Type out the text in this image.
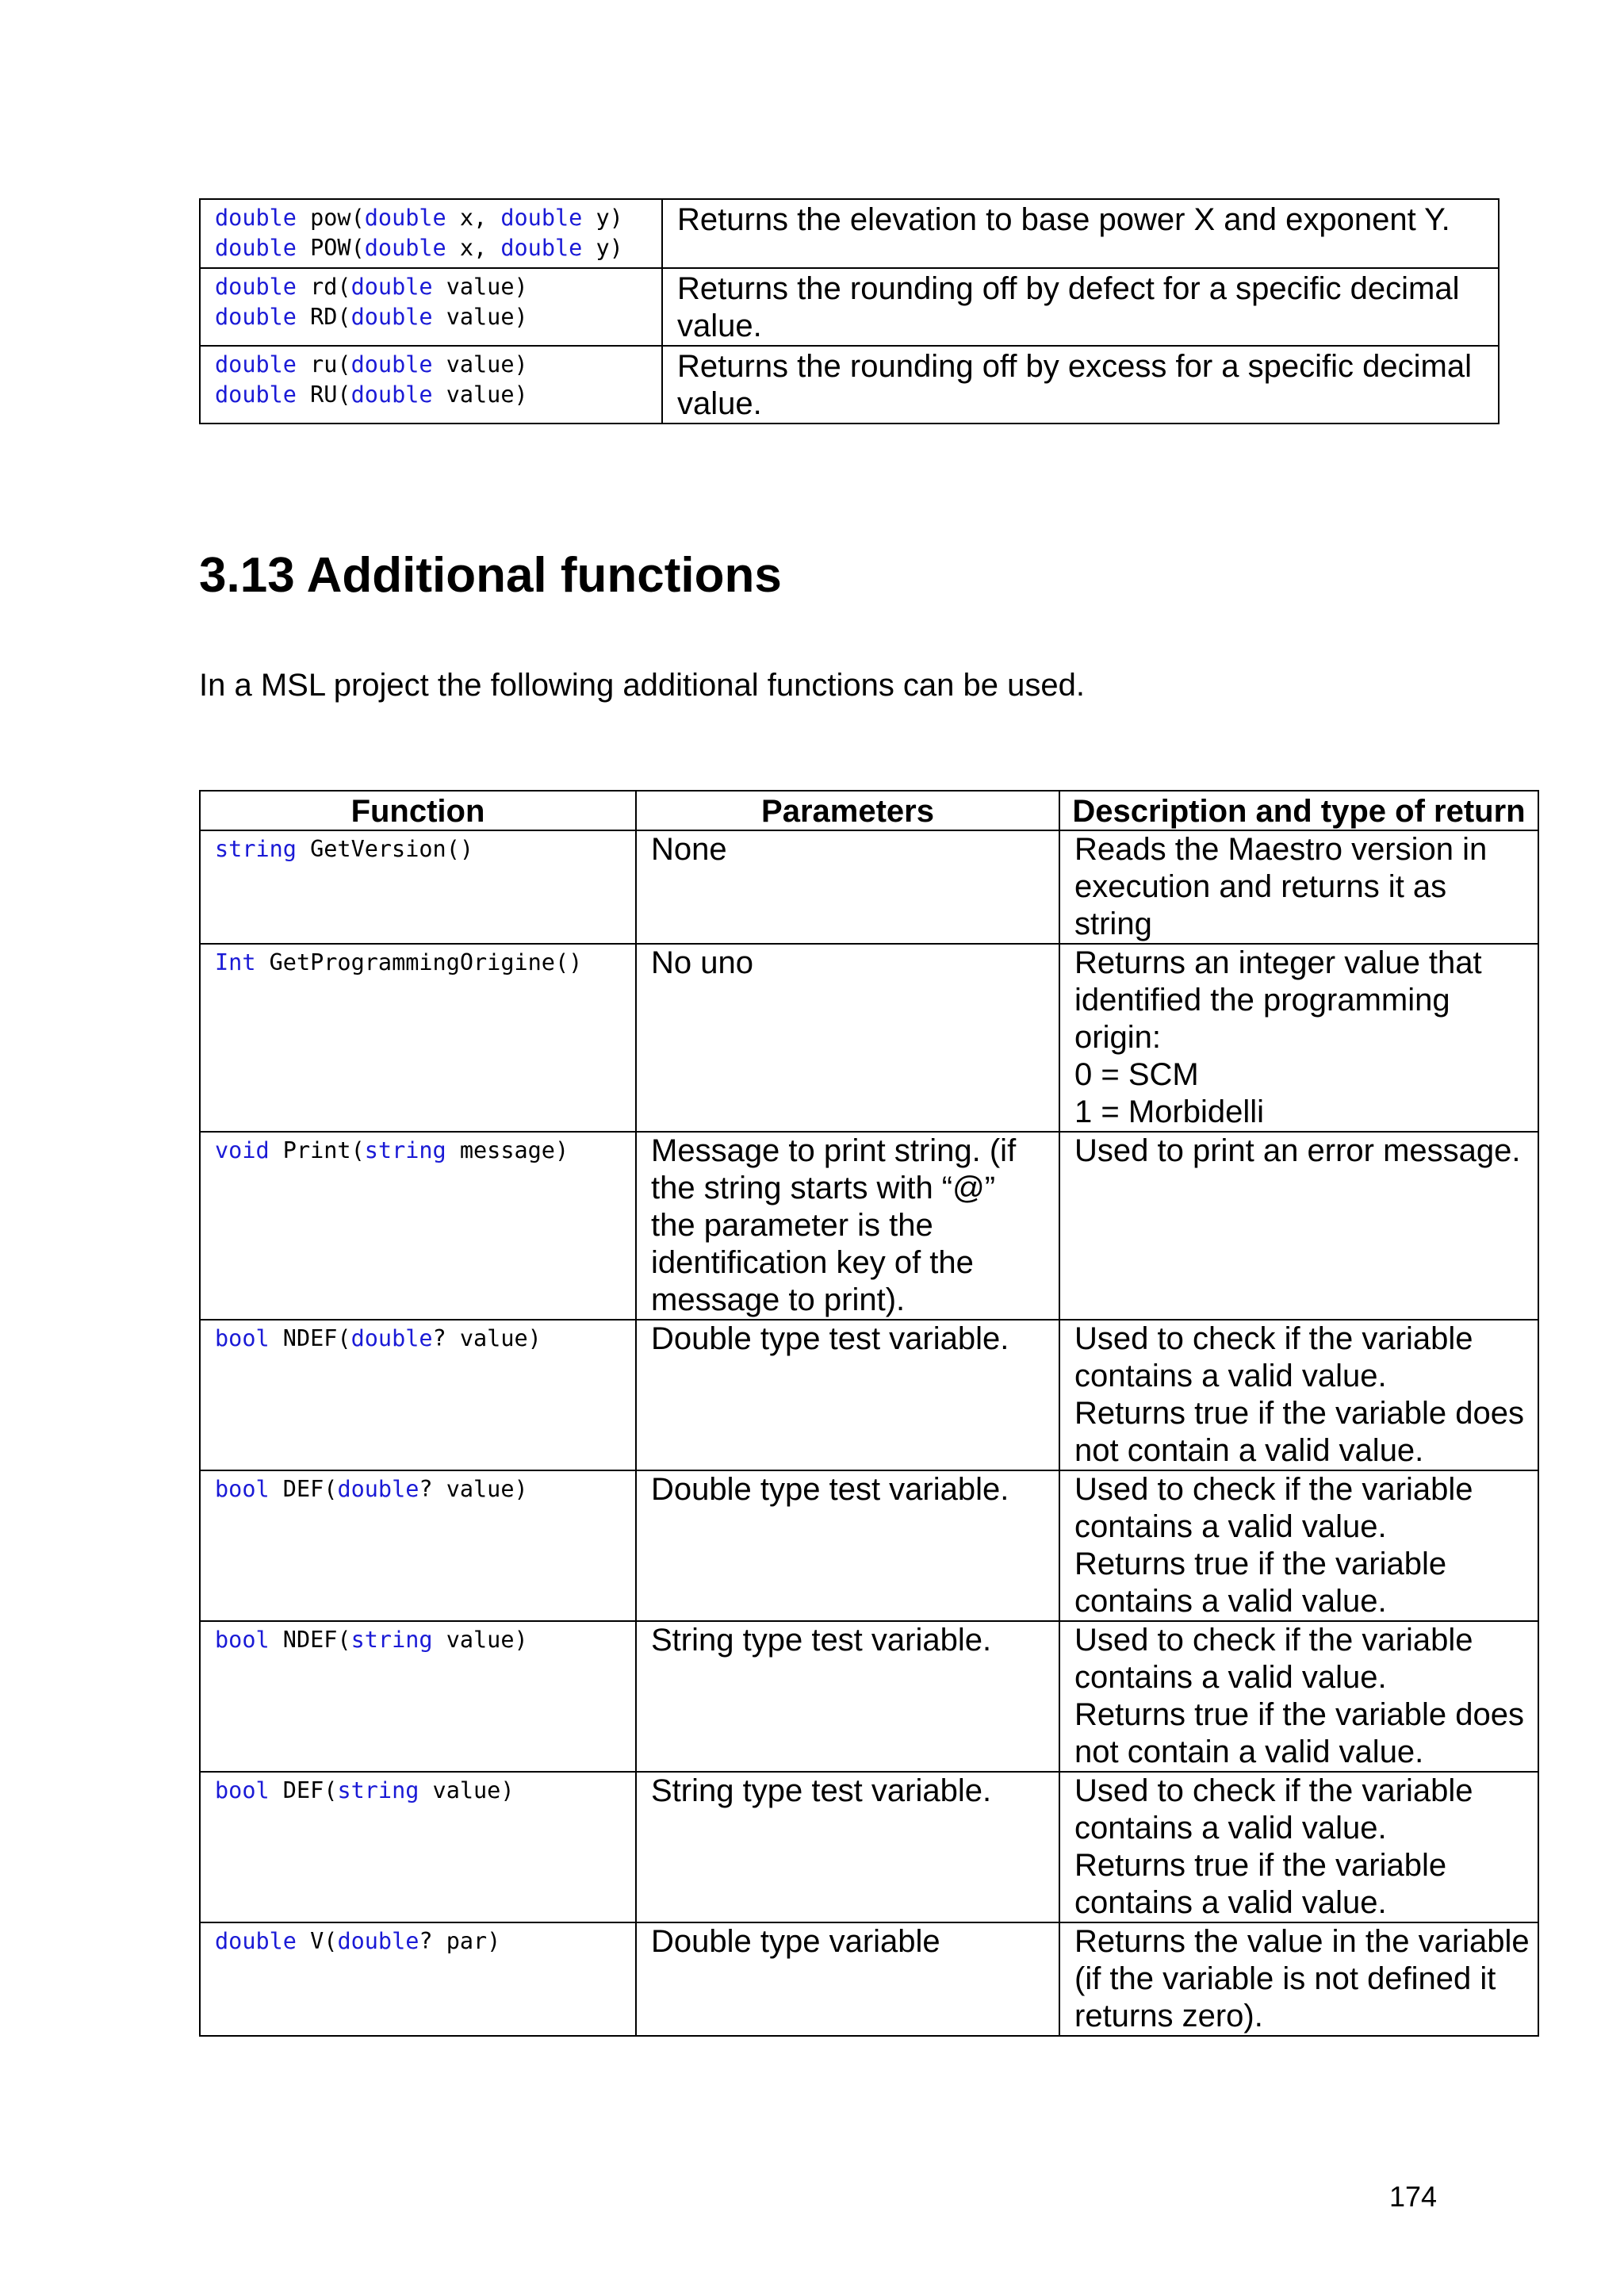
double pow(double x, double y)
double POW(double x, double y)	Returns the elevation to base power X and exponent Y.

double rd(double value)
double RD(double value)	Returns the rounding off by defect for a specific decimal value.

double ru(double value)
double RU(double value)	Returns the rounding off by excess for a specific decimal value.
3.13 Additional functions

In a MSL project the following additional functions can be used.

Function	Parameters	Description and type of return

string GetVersion()	None	Reads the Maestro version in execution and returns it as string

Int GetProgrammingOrigine()	No uno	Returns an integer value that identified the programming origin:
0 = SCM
1 = Morbidelli

void Print(string message)	Message to print string. (if the string starts with “@” the parameter is the identification key of the message to print).	Used to print an error message.

bool NDEF(double? value)	Double type test variable.	Used to check if the variable contains a valid value.
Returns true if the variable does not contain a valid value.

bool DEF(double? value)	Double type test variable.	Used to check if the variable contains a valid value.
Returns true if the variable contains a valid value.

bool NDEF(string value)	String type test variable.	Used to check if the variable contains a valid value.
Returns true if the variable does not contain a valid value.

bool DEF(string value)	String type test variable.	Used to check if the variable contains a valid value.
Returns true if the variable contains a valid value.

double V(double? par)	Double type variable	Returns the value in the variable (if the variable is not defined it returns zero).
174
